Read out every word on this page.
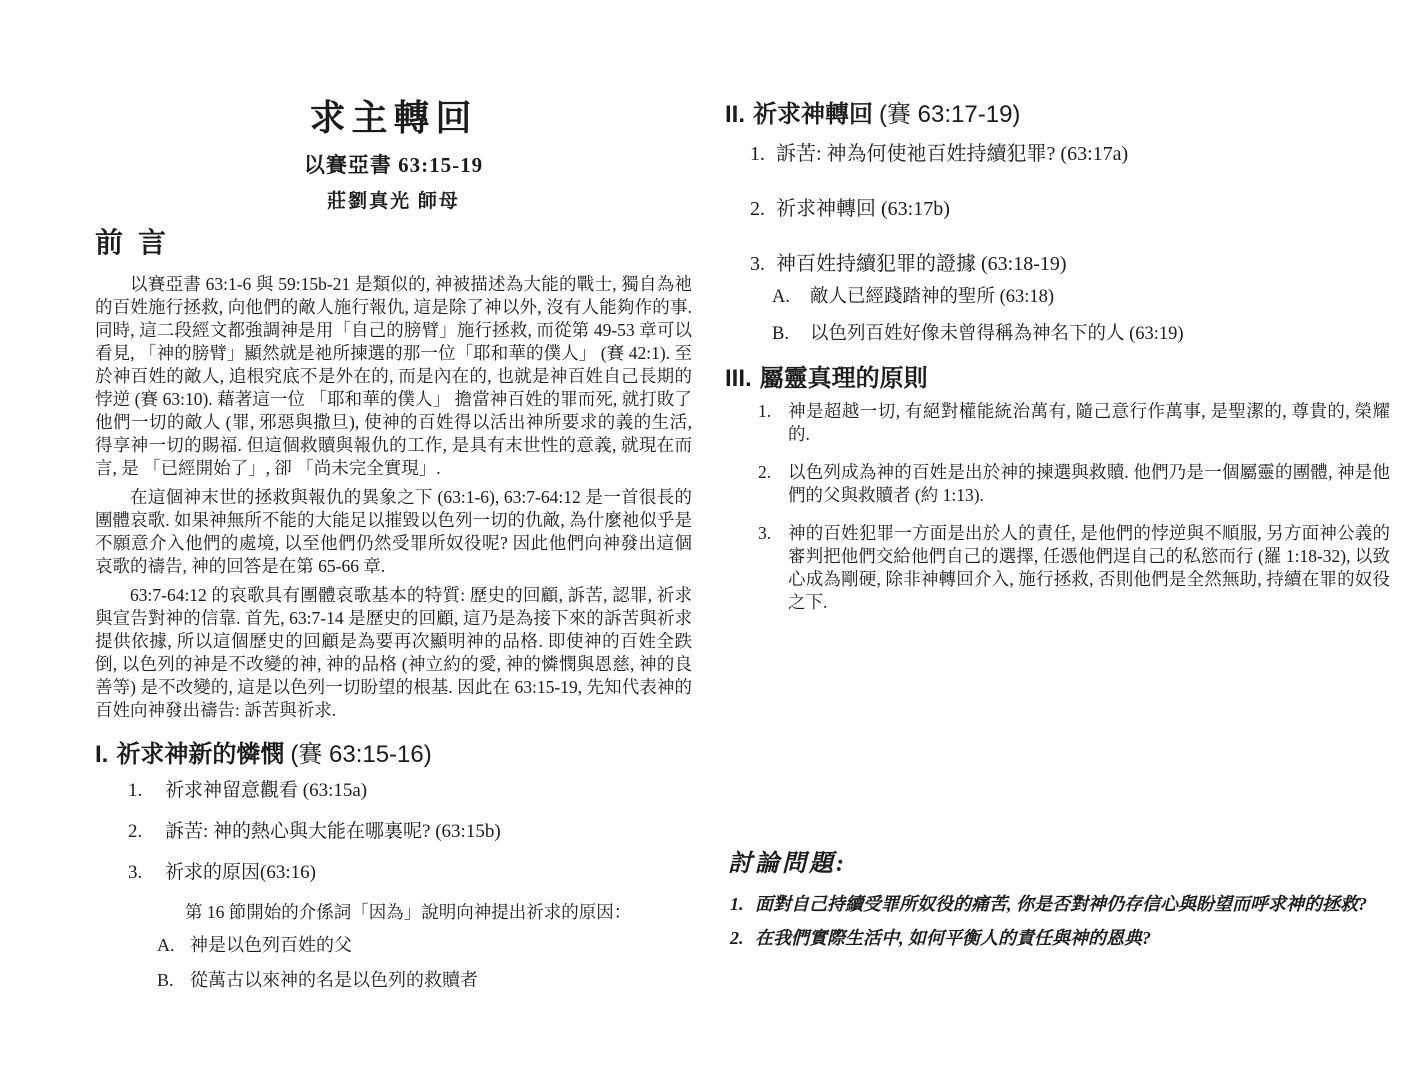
求主轉回
以賽亞書 63:15-19
莊劉真光 師母
前 言

以賽亞書 63:1-6 與 59:15b-21 是類似的, 神被描述為大能的戰士, 獨自為祂的百姓施行拯救, 向他們的敵人施行報仇, 這是除了神以外, 沒有人能夠作的事. 同時, 這二段經文都強調神是用「自己的膀臂」施行拯救, 而從第 49-53 章可以看見, 「神的膀臂」顯然就是祂所揀選的那一位「耶和華的僕人」 (賽 42:1). 至於神百姓的敵人, 追根究底不是外在的, 而是內在的, 也就是神百姓自己長期的悖逆 (賽 63:10). 藉著這一位 「耶和華的僕人」 擔當神百姓的罪而死, 就打敗了他們一切的敵人 (罪, 邪惡與撒旦), 使神的百姓得以活出神所要求的義的生活, 得享神一切的賜福. 但這個救贖與報仇的工作, 是具有末世性的意義, 就現在而言, 是 「已經開始了」, 卻 「尚未完全實現」.

在這個神末世的拯救與報仇的異象之下 (63:1-6), 63:7-64:12 是一首很長的團體哀歌. 如果神無所不能的大能足以摧毀以色列一切的仇敵, 為什麼祂似乎是不願意介入他們的處境, 以至他們仍然受罪所奴役呢? 因此他們向神發出這個哀歌的禱告, 神的回答是在第 65-66 章.

63:7-64:12 的哀歌具有團體哀歌基本的特質: 歷史的回顧, 訴苦, 認罪, 祈求與宣告對神的信靠. 首先, 63:7-14 是歷史的回顧, 這乃是為接下來的訴苦與祈求提供依據, 所以這個歷史的回顧是為要再次顯明神的品格. 即使神的百姓全跌倒, 以色列的神是不改變的神, 神的品格 (神立約的愛, 神的憐憫與恩慈, 神的良善等) 是不改變的, 這是以色列一切盼望的根基. 因此在 63:15-19, 先知代表神的百姓向神發出禱告: 訴苦與祈求.

I. 祈求神新的憐憫 (賽 63:15-16)
1. 祈求神留意觀看 (63:15a)
2. 訴苦: 神的熱心與大能在哪裏呢? (63:15b)
3. 祈求的原因(63:16)
第 16 節開始的介係詞「因為」說明向神提出祈求的原因：
A. 神是以色列百姓的父
B. 從萬古以來神的名是以色列的救贖者
II. 祈求神轉回 (賽 63:17-19)
1. 訴苦: 神為何使祂百姓持續犯罪? (63:17a)
2. 祈求神轉回 (63:17b)
3. 神百姓持續犯罪的證據 (63:18-19)
A. 敵人已經踐踏神的聖所 (63:18)
B. 以色列百姓好像未曾得稱為神名下的人 (63:19)
III. 屬靈真理的原則
1. 神是超越一切, 有絕對權能統治萬有, 隨己意行作萬事, 是聖潔的, 尊貴的, 榮耀的.
2. 以色列成為神的百姓是出於神的揀選與救贖. 他們乃是一個屬靈的團體, 神是他們的父與救贖者 (約 1:13).
3. 神的百姓犯罪一方面是出於人的責任, 是他們的悖逆與不順服, 另方面神公義的審判把他們交給他們自己的選擇, 任憑他們逞自己的私慾而行 (羅 1:18-32), 以致心成為剛硬, 除非神轉回介入, 施行拯救, 否則他們是全然無助, 持續在罪的奴役之下.
討論問題:
1. 面對自己持續受罪所奴役的痛苦, 你是否對神仍存信心與盼望而呼求神的拯救?
2. 在我們實際生活中, 如何平衡人的責任與神的恩典?
